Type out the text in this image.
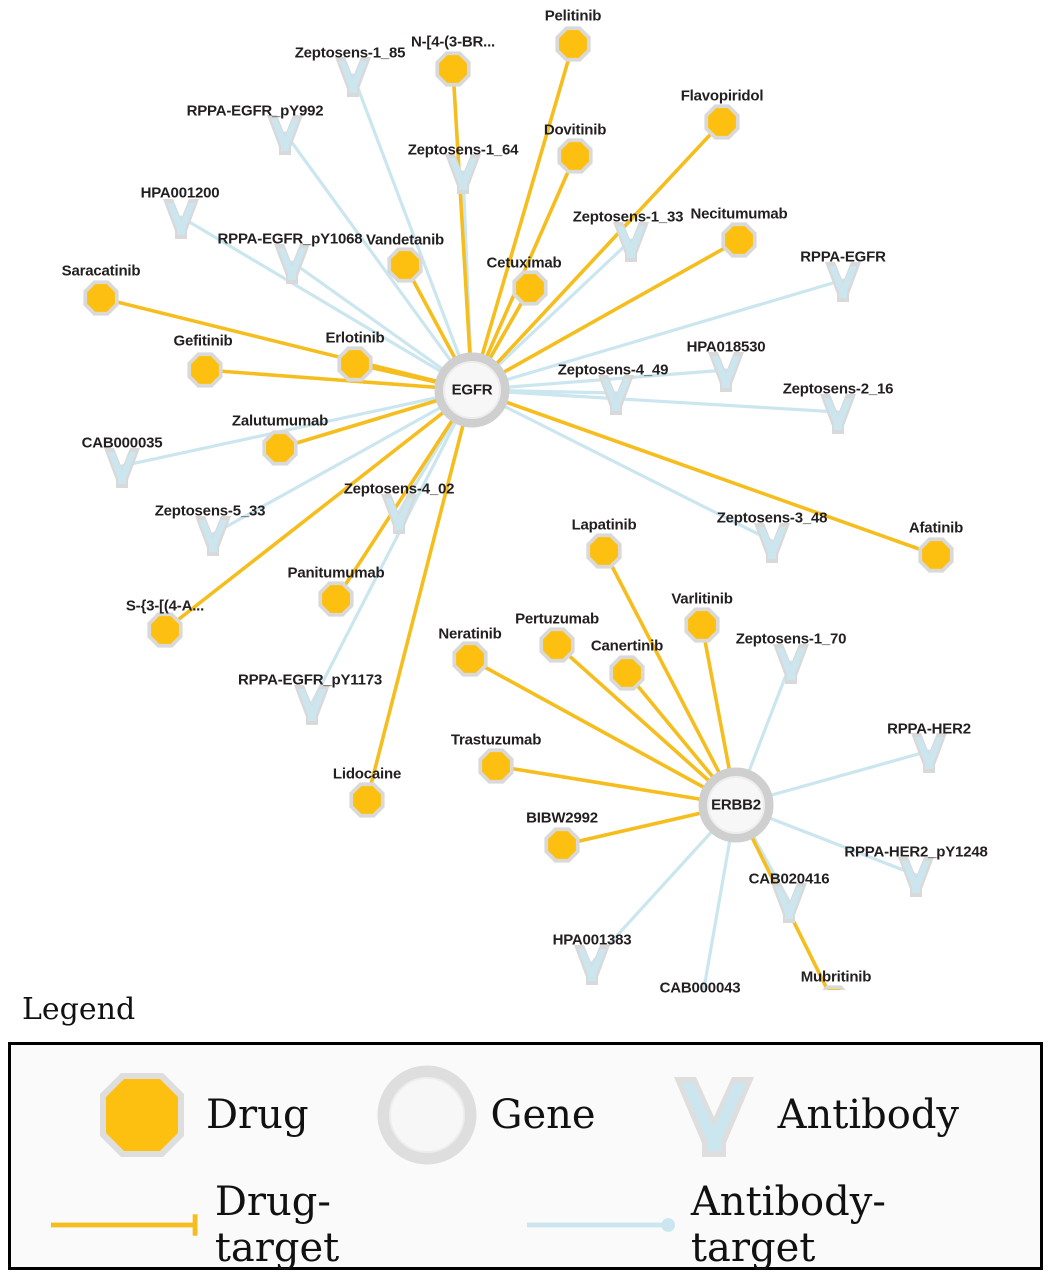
Zeptosens-1_85
RPPA-EGFR_pY992
Zeptosens-1_64
HPA001200
Zeptosens-1_33
RPPA-EGFR_pY1068
RPPA-EGFR
HPA018530
Zeptosens-4_49
Zeptosens-2_16
CAB000035
Zeptosens-4_02
Zeptosens-5_33	Zeptosens-3_48
Zeptosens-1_70
RPPA-EGFR_pY1173
RPPA-HER2
RPPA-HER2_pY1248
CAB020416
HPA001383
CAB000043
Pelitinib
N-[4-(3-BR...
Flavopiridol
Dovitinib
Necitumumab
Vandetanib
Cetuximab
Saracatinib
Erlotinib
Gefitinib
Zalutumumab
Afatinib
Lapatinib
Panitumumab
Varlitinib
S-{3-[(4-A...
Pertuzumab
Canertinib
Neratinib
Trastuzumab
Lidocaine
BIBW2992
Mubritinib
EGFR
ERBB2
Legend
Drug	Gene	Antibody
Drug-target
Antibody-target
